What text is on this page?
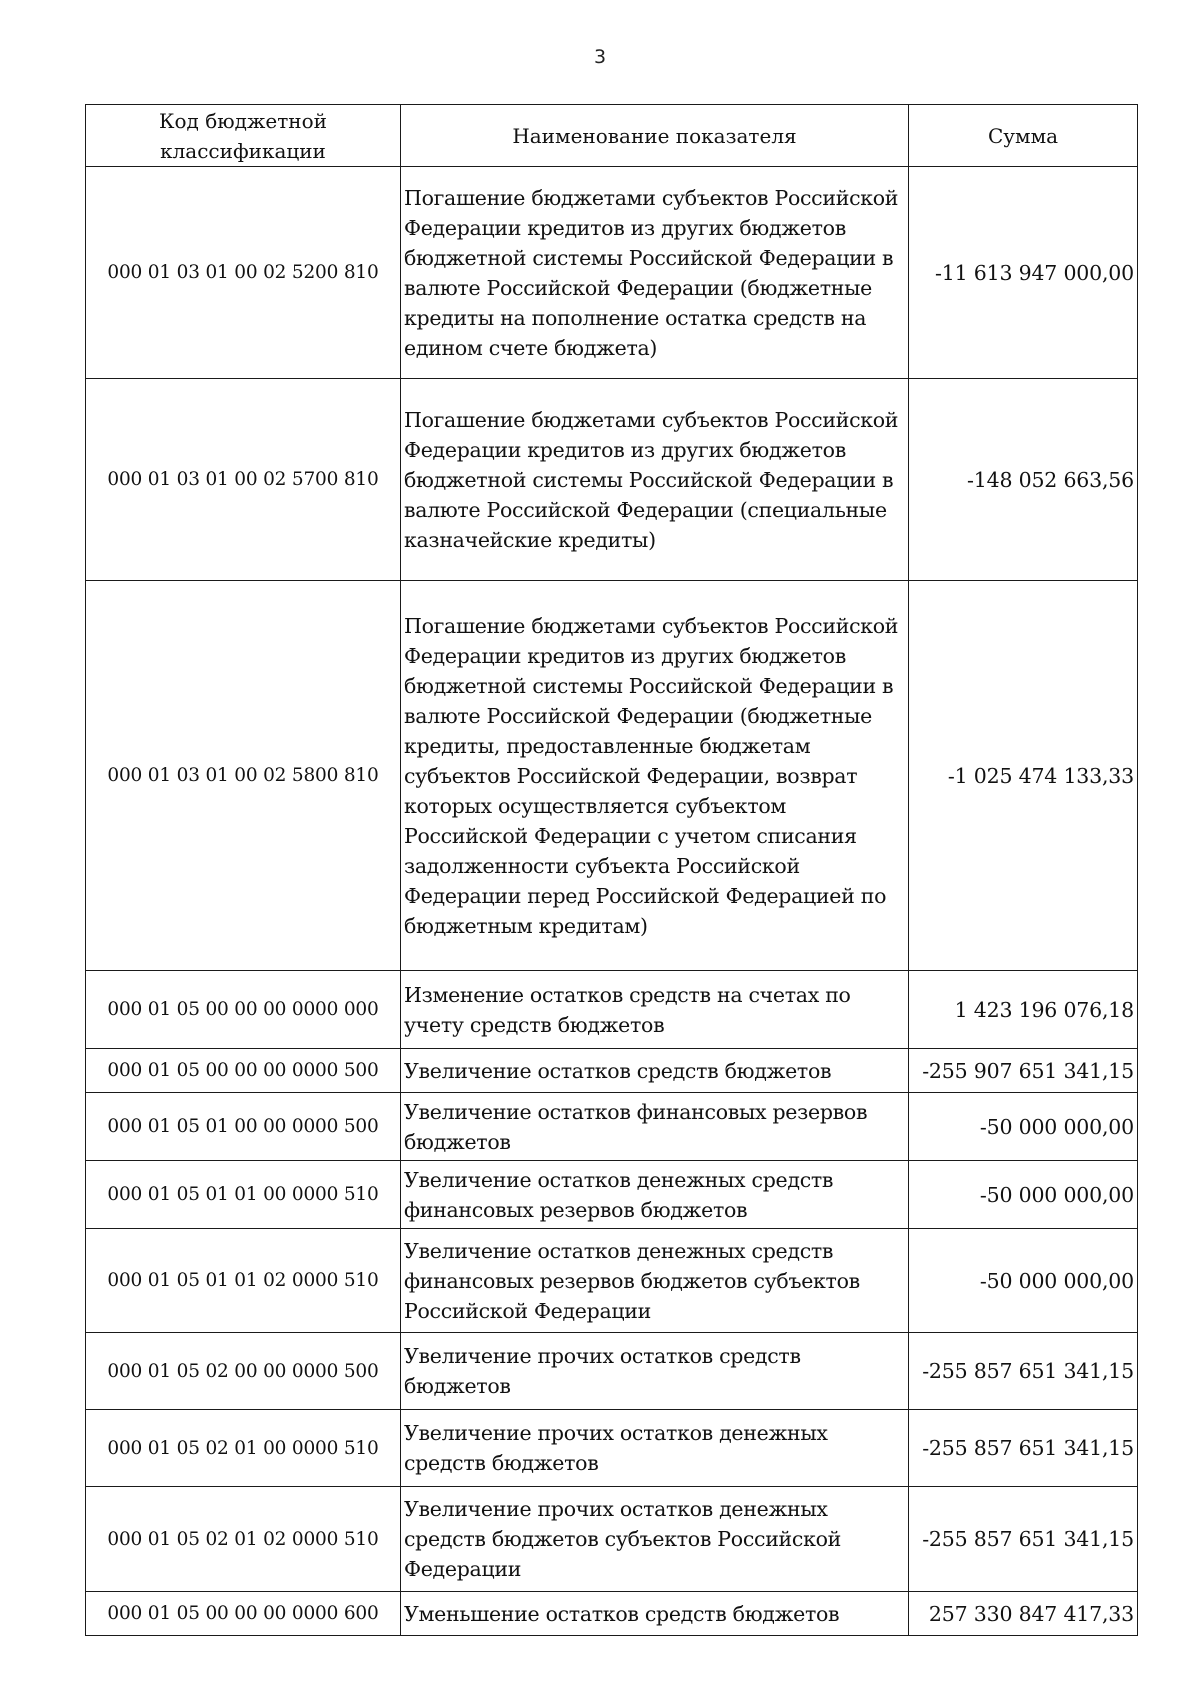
3
Код бюджетной классификации	Наименование показателя	Сумма
000 01 03 01 00 02 5200 810	Погашение бюджетами субъектов Российской Федерации кредитов из других бюджетов бюджетной системы Российской Федерации в валюте Российской Федерации (бюджетные кредиты на пополнение остатка средств на едином счете бюджета)	-11 613 947 000,00
000 01 03 01 00 02 5700 810	Погашение бюджетами субъектов Российской Федерации кредитов из других бюджетов бюджетной системы Российской Федерации в валюте Российской Федерации (специальные казначейские кредиты)	-148 052 663,56
000 01 03 01 00 02 5800 810	Погашение бюджетами субъектов Российской Федерации кредитов из других бюджетов бюджетной системы Российской Федерации в валюте Российской Федерации (бюджетные кредиты, предоставленные бюджетам субъектов Российской Федерации, возврат которых осуществляется субъектом Российской Федерации с учетом списания задолженности субъекта Российской Федерации перед Российской Федерацией по бюджетным кредитам)	-1 025 474 133,33
000 01 05 00 00 00 0000 000	Изменение остатков средств на счетах по учету средств бюджетов	1 423 196 076,18
000 01 05 00 00 00 0000 500	Увеличение остатков средств бюджетов	-255 907 651 341,15
000 01 05 01 00 00 0000 500	Увеличение остатков финансовых резервов бюджетов	-50 000 000,00
000 01 05 01 01 00 0000 510	Увеличение остатков денежных средств финансовых резервов бюджетов	-50 000 000,00
000 01 05 01 01 02 0000 510	Увеличение остатков денежных средств финансовых резервов бюджетов субъектов Российской Федерации	-50 000 000,00
000 01 05 02 00 00 0000 500	Увеличение прочих остатков средств бюджетов	-255 857 651 341,15
000 01 05 02 01 00 0000 510	Увеличение прочих остатков денежных средств бюджетов	-255 857 651 341,15
000 01 05 02 01 02 0000 510	Увеличение прочих остатков денежных средств бюджетов субъектов Российской Федерации	-255 857 651 341,15
000 01 05 00 00 00 0000 600	Уменьшение остатков средств бюджетов	257 330 847 417,33
